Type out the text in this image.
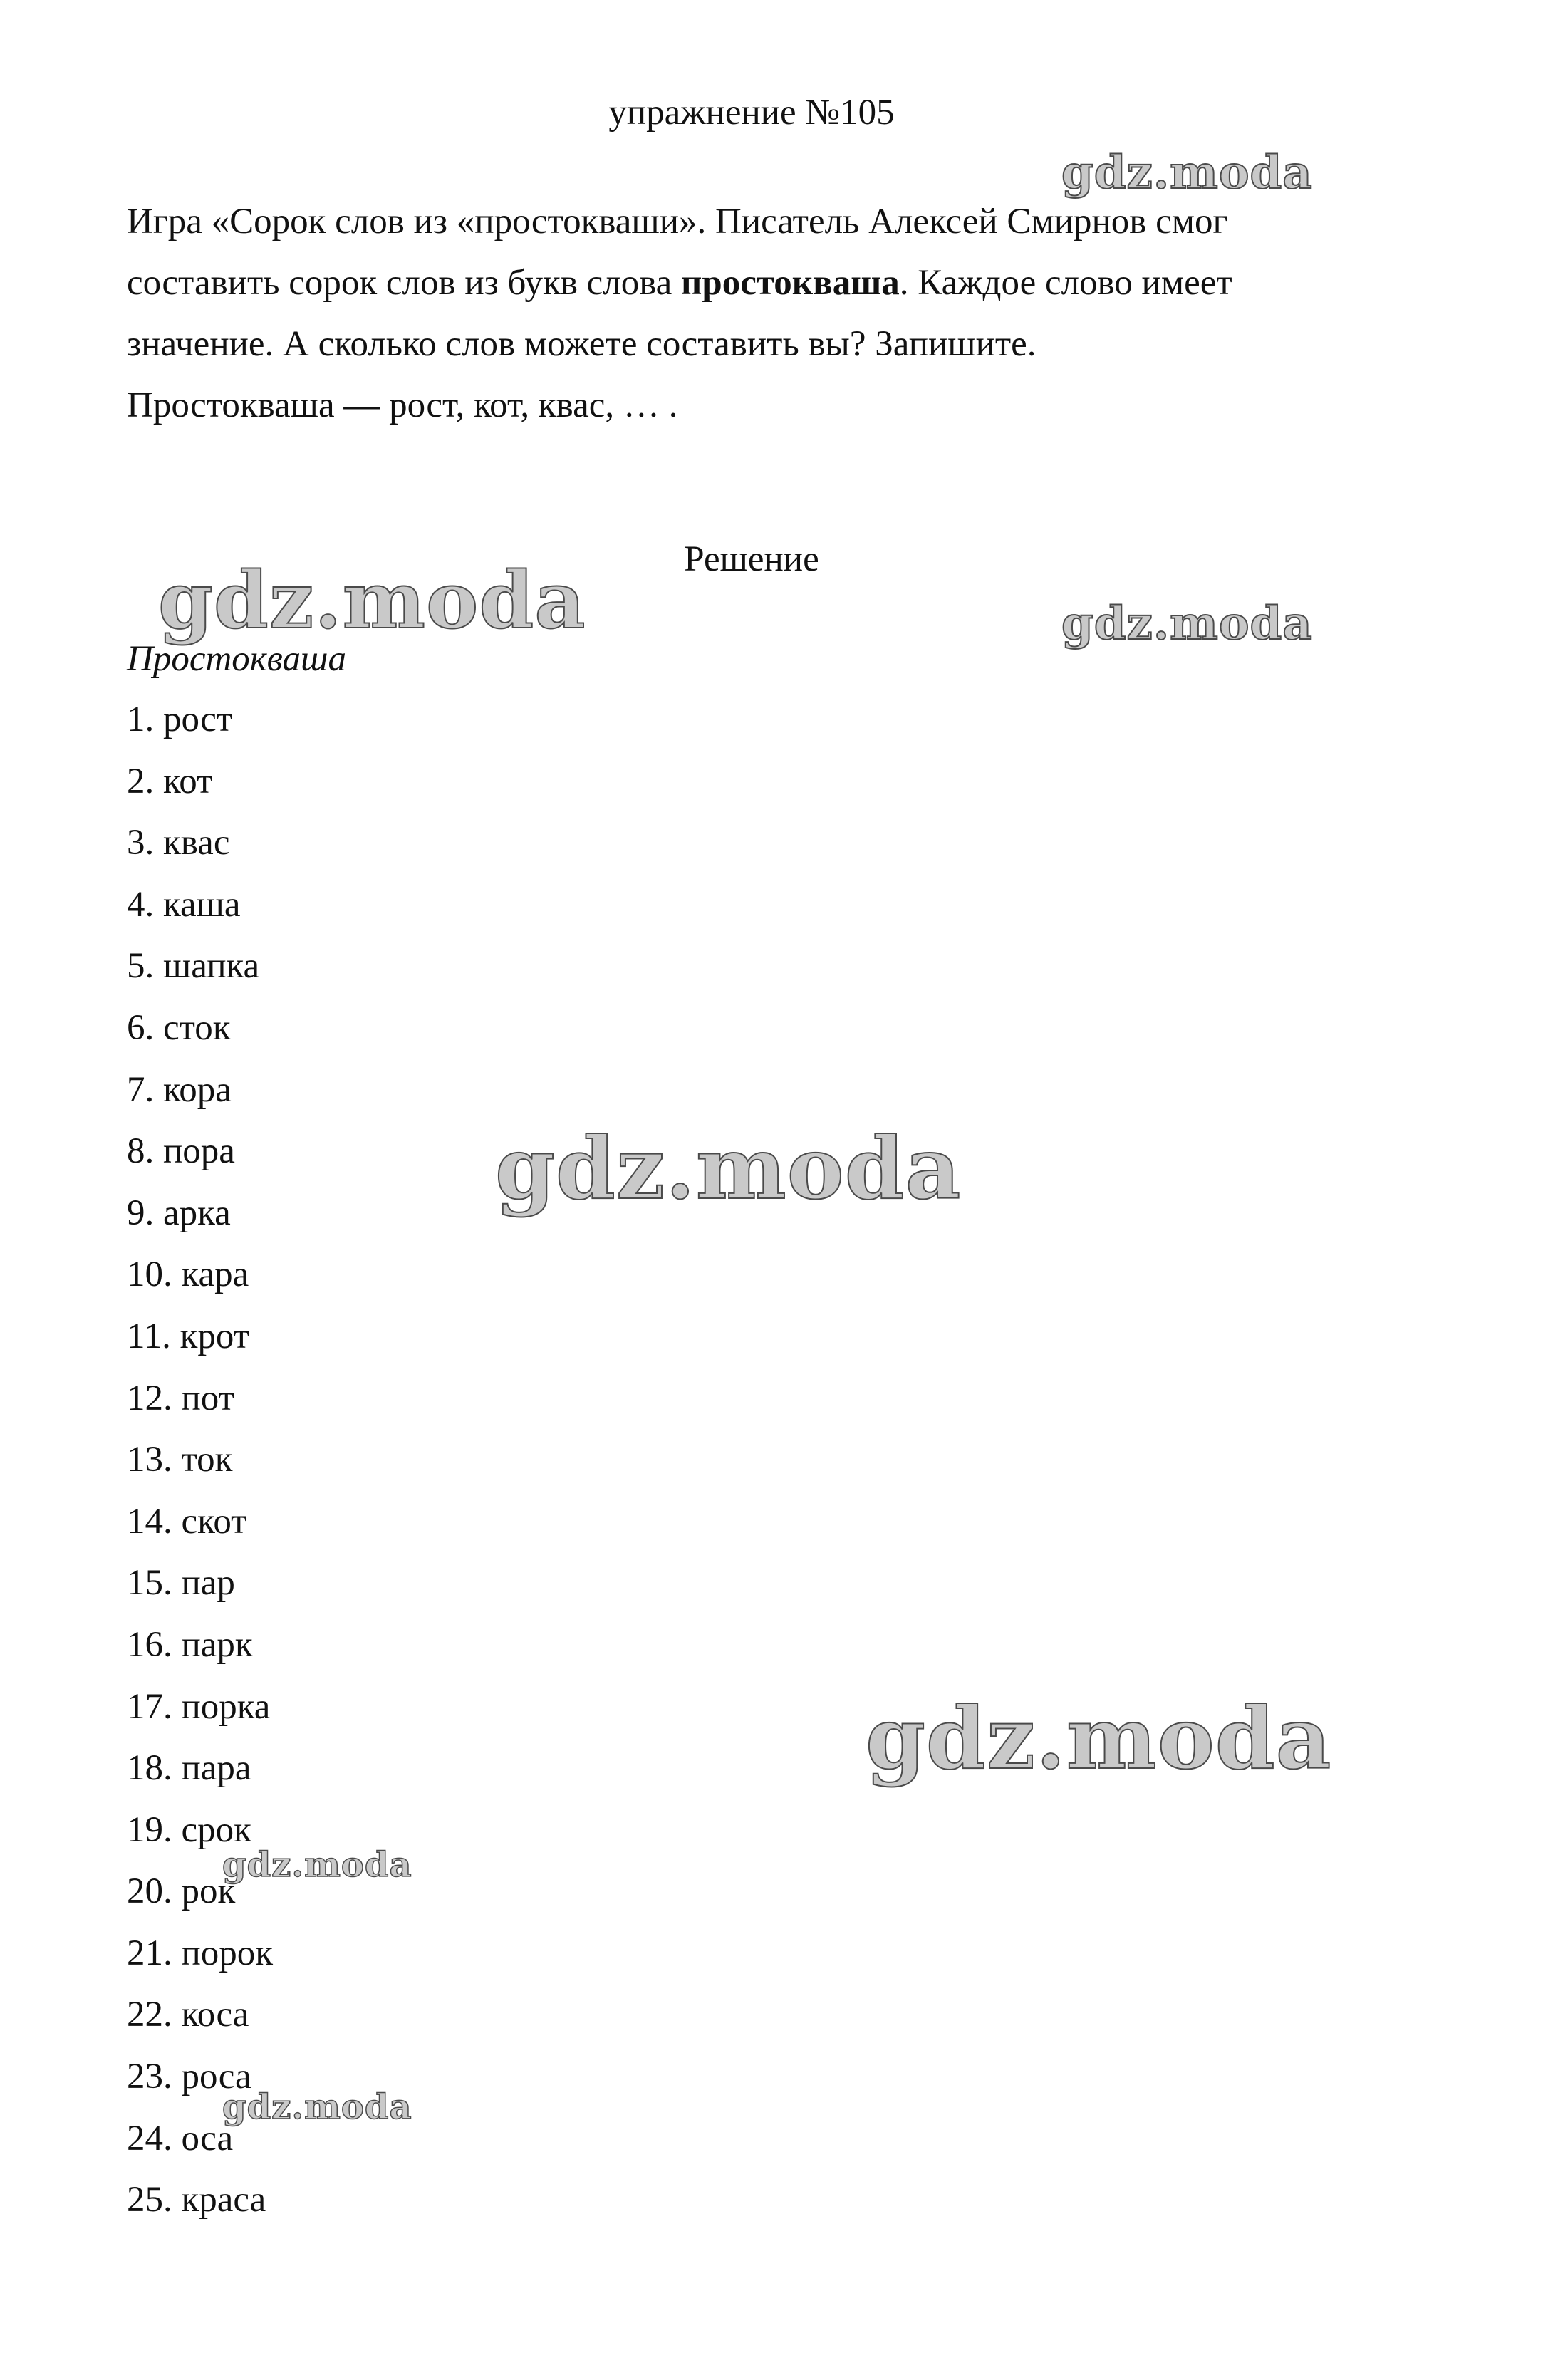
упражнение №105

Игра «Сорок слов из «простокваши». Писатель Алексей Смирнов смог составить сорок слов из букв слова простокваша. Каждое слово имеет значение. А сколько слов можете составить вы? Запишите.

Простокваша — рост, кот, квас, … .

Решение
Простокваша
1. рост
2. кот
3. квас
4. каша
5. шапка
6. сток
7. кора
8. пора
9. арка
10. кара
11. крот
12. пот
13. ток
14. скот
15. пар
16. парк
17. порка
18. пара
19. срок
20. рок
21. порок
22. коса
23. роса
24. оса
25. краса
gdz.moda
gdz.moda	gdz.moda
gdz.moda
gdz.moda
gdz.moda
gdz.moda
